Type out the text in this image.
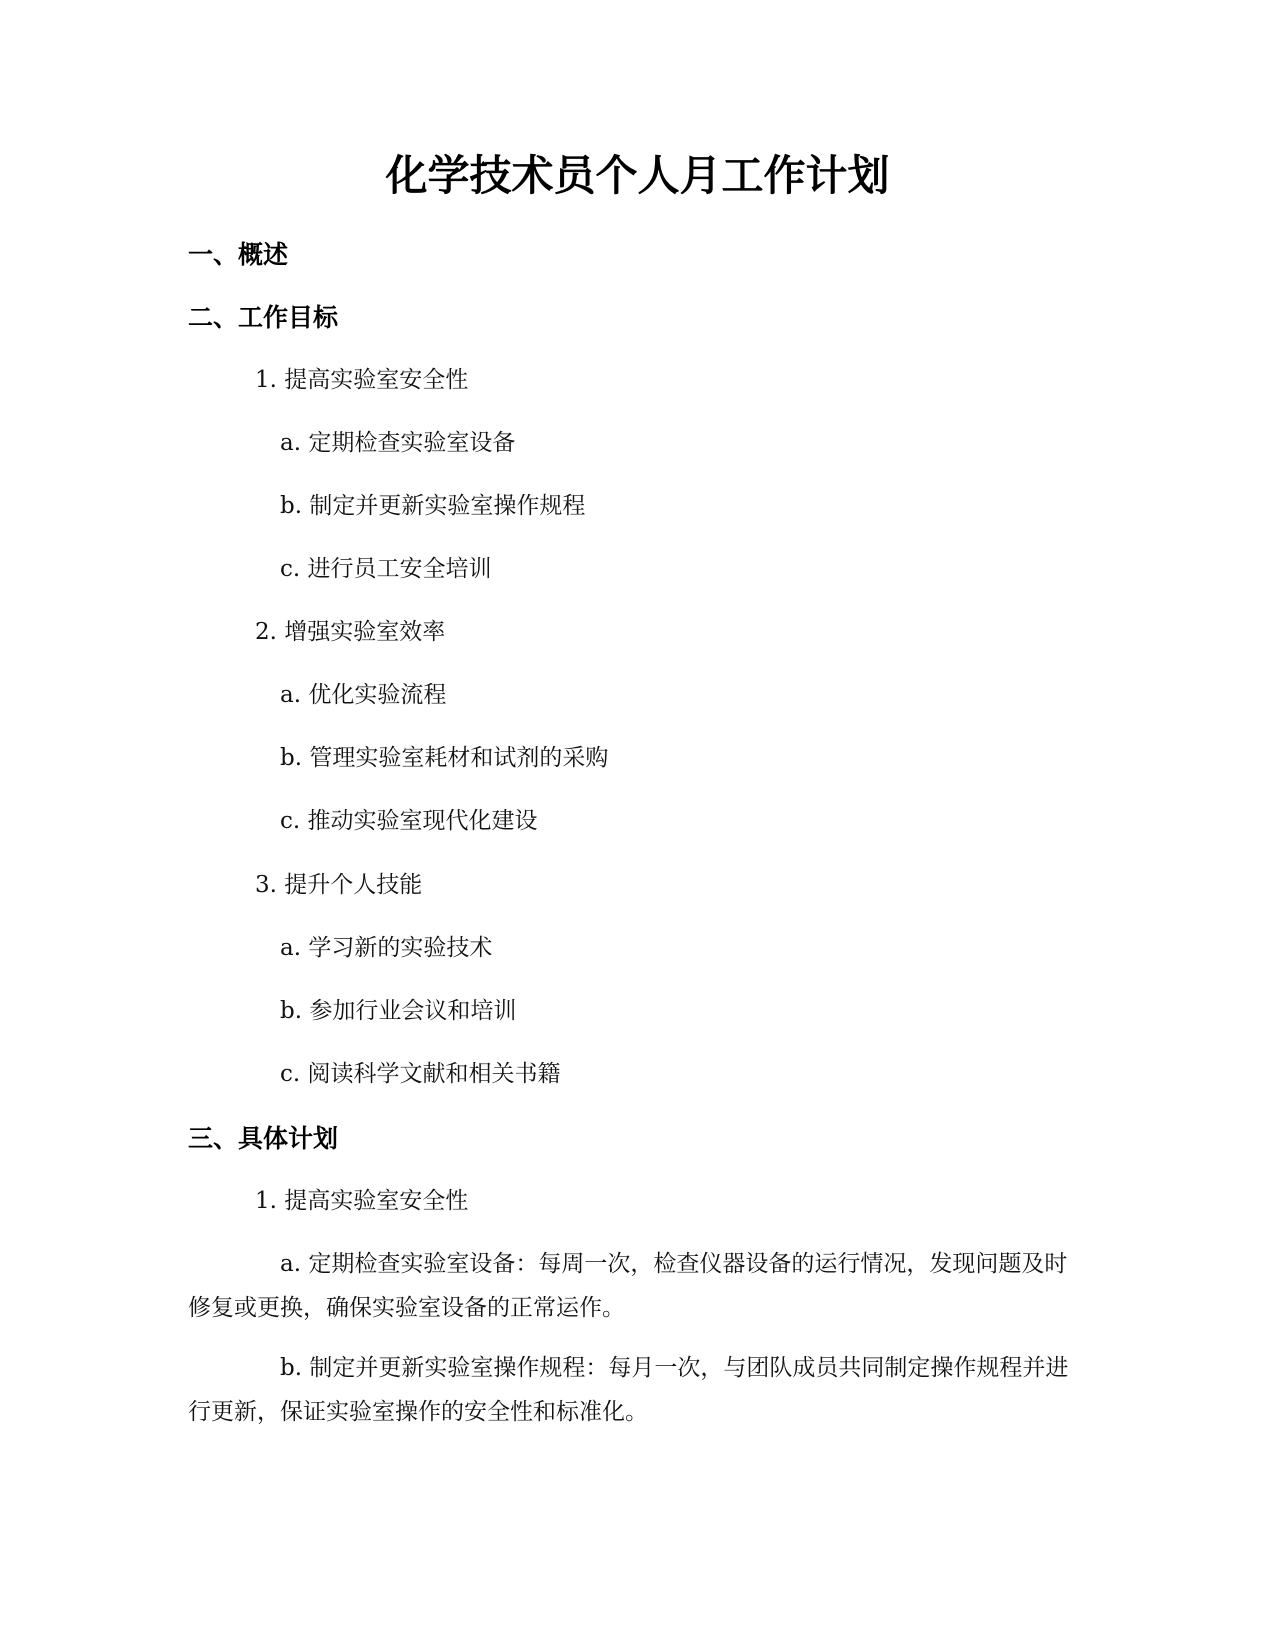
化学技术员个人月工作计划
一、概述
二、工作目标
1. 提高实验室安全性
a. 定期检查实验室设备
b. 制定并更新实验室操作规程
c. 进行员工安全培训
2. 增强实验室效率
a. 优化实验流程
b. 管理实验室耗材和试剂的采购
c. 推动实验室现代化建设
3. 提升个人技能
a. 学习新的实验技术
b. 参加行业会议和培训
c. 阅读科学文献和相关书籍
三、具体计划
1. 提高实验室安全性
a. 定期检查实验室设备：每周一次，检查仪器设备的运行情况，发现问题及时修复或更换，确保实验室设备的正常运作。
b. 制定并更新实验室操作规程：每月一次，与团队成员共同制定操作规程并进行更新，保证实验室操作的安全性和标准化。
